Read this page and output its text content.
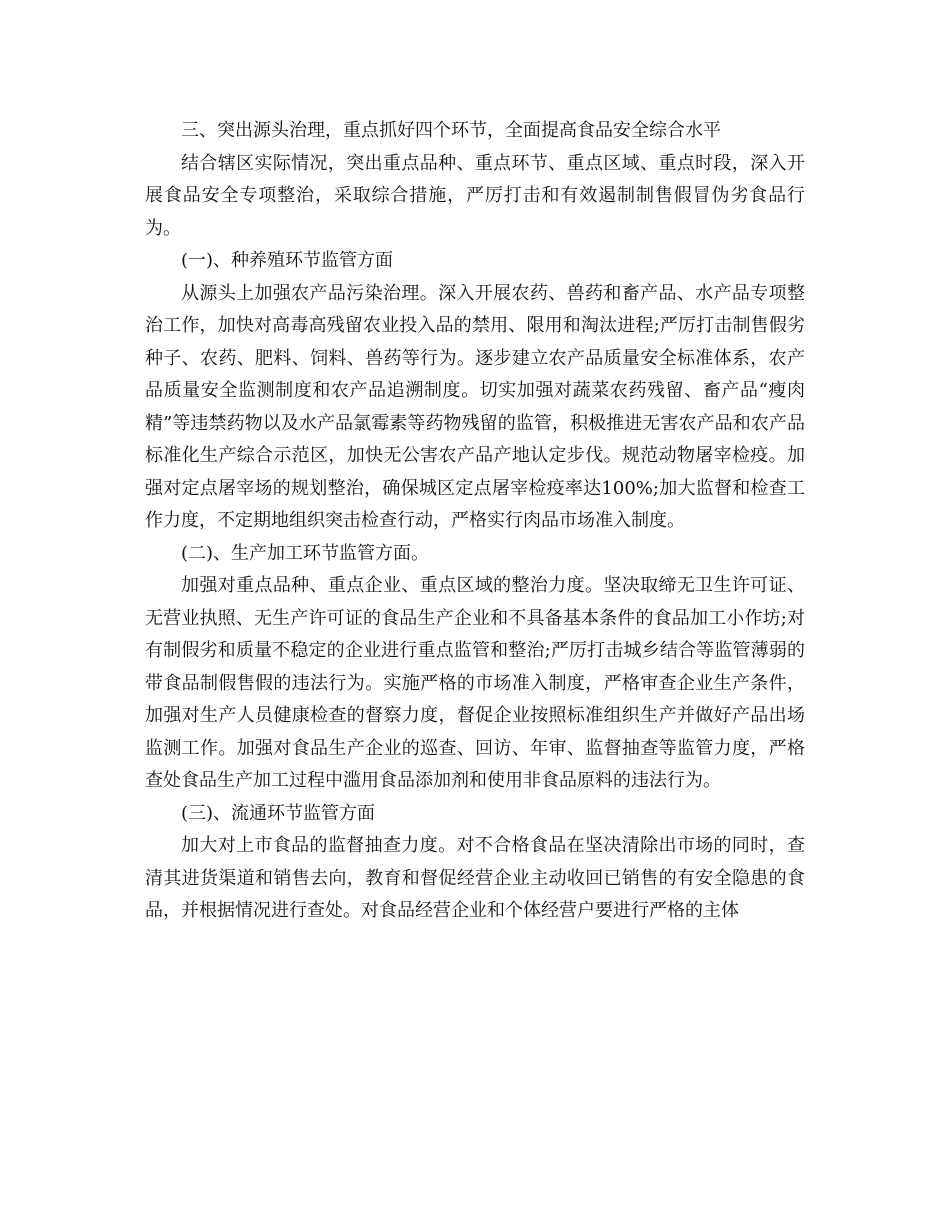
三、突出源头治理，重点抓好四个环节，全面提高食品安全综合水平

结合辖区实际情况，突出重点品种、重点环节、重点区域、重点时段，深入开展食品安全专项整治，采取综合措施，严厉打击和有效遏制制售假冒伪劣食品行为。

(一)、种养殖环节监管方面

从源头上加强农产品污染治理。深入开展农药、兽药和畜产品、水产品专项整治工作，加快对高毒高残留农业投入品的禁用、限用和淘汰进程;严厉打击制售假劣种子、农药、肥料、饲料、兽药等行为。逐步建立农产品质量安全标准体系，农产品质量安全监测制度和农产品追溯制度。切实加强对蔬菜农药残留、畜产品“瘦肉精”等违禁药物以及水产品氯霉素等药物残留的监管，积极推进无害农产品和农产品标准化生产综合示范区，加快无公害农产品产地认定步伐。规范动物屠宰检疫。加强对定点屠宰场的规划整治，确保城区定点屠宰检疫率达100%;加大监督和检查工作力度，不定期地组织突击检查行动，严格实行肉品市场准入制度。

(二)、生产加工环节监管方面。

加强对重点品种、重点企业、重点区域的整治力度。坚决取缔无卫生许可证、无营业执照、无生产许可证的食品生产企业和不具备基本条件的食品加工小作坊;对有制假劣和质量不稳定的企业进行重点监管和整治;严厉打击城乡结合等监管薄弱的带食品制假售假的违法行为。实施严格的市场准入制度，严格审查企业生产条件，加强对生产人员健康检查的督察力度，督促企业按照标准组织生产并做好产品出场监测工作。加强对食品生产企业的巡查、回访、年审、监督抽查等监管力度，严格查处食品生产加工过程中滥用食品添加剂和使用非食品原料的违法行为。

(三)、流通环节监管方面

加大对上市食品的监督抽查力度。对不合格食品在坚决清除出市场的同时，查清其进货渠道和销售去向，教育和督促经营企业主动收回已销售的有安全隐患的食品，并根据情况进行查处。对食品经营企业和个体经营户要进行严格的主体
